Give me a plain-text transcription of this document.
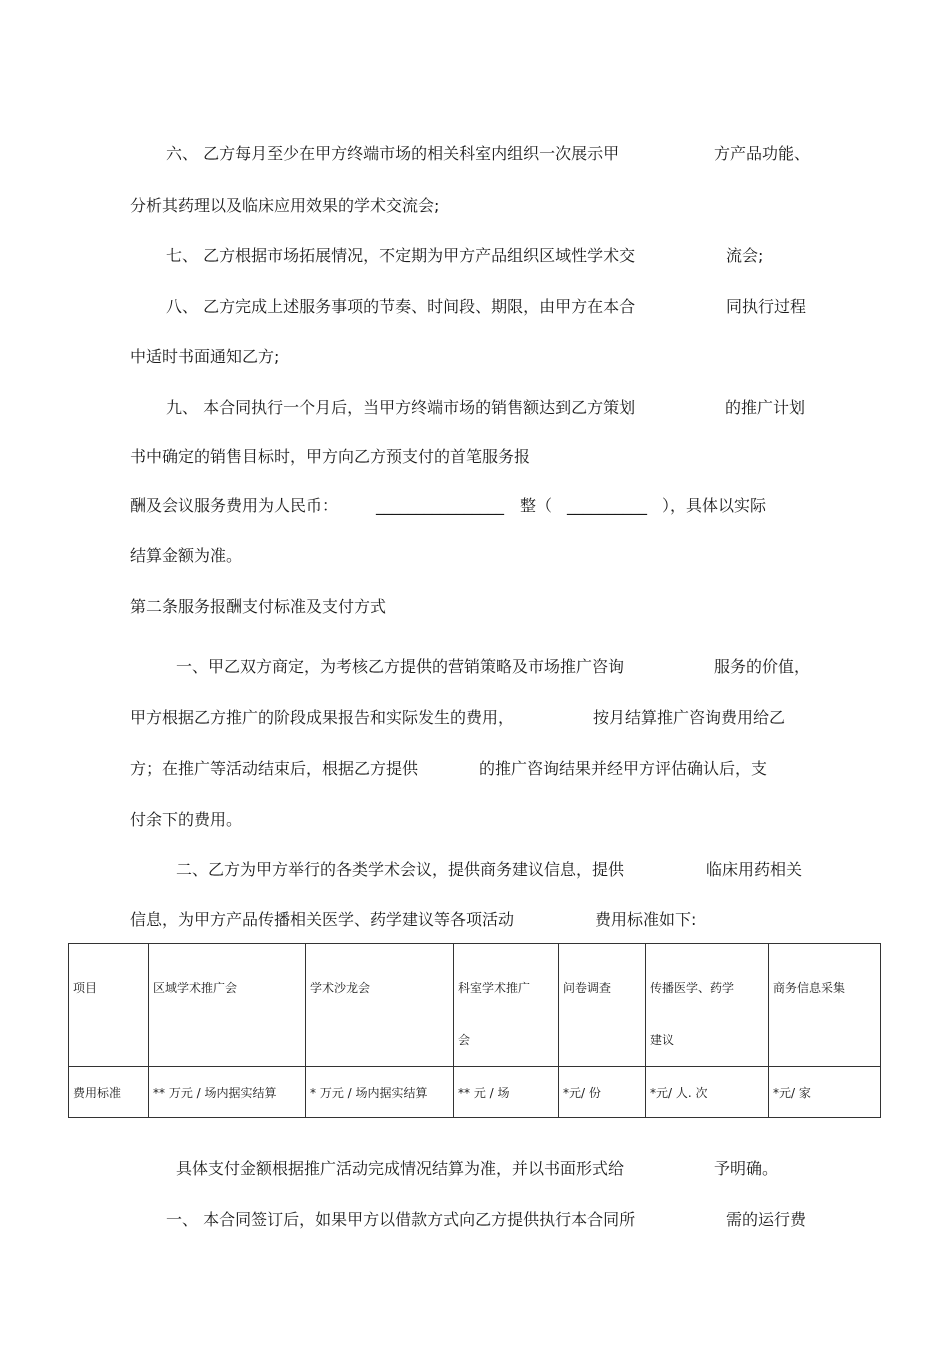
六、 乙方每月至少在甲方终端市场的相关科室内组织一次展示甲	方产品功能、
分析其药理以及临床应用效果的学术交流会;
七、 乙方根据市场拓展情况，不定期为甲方产品组织区域性学术交	流会;
八、 乙方完成上述服务事项的节奏、时间段、期限，由甲方在本合	同执行过程
中适时书面通知乙方;
九、 本合同执行一个月后，当甲方终端市场的销售额达到乙方策划	的推广计划
书中确定的销售目标时，甲方向乙方预支付的首笔服务报
酬及会议服务费用为人民币： ________________ 整（ __________ ），具体以实际
结算金额为准。
第二条服务报酬支付标准及支付方式
一、甲乙双方商定，为考核乙方提供的营销策略及市场推广咨询	服务的价值，
甲方根据乙方推广的阶段成果报告和实际发生的费用，	按月结算推广咨询费用给乙
方；在推广等活动结束后，根据乙方提供	的推广咨询结果并经甲方评估确认后，支
付余下的费用。
二、乙方为甲方举行的各类学术会议，提供商务建议信息，提供	临床用药相关
信息，为甲方产品传播相关医学、药学建议等各项活动	费用标准如下:
项目	区域学术推广会	学术沙龙会	科室学术推广会	问卷调查	传播医学、药学建议	商务信息采集

费用标准	** 万元 / 场内据实结算	* 万元 / 场内据实结算	** 元 / 场	*元/ 份	*元/ 人. 次	*元/ 家
具体支付金额根据推广活动完成情况结算为准，并以书面形式给	予明确。
一、 本合同签订后，如果甲方以借款方式向乙方提供执行本合同所	需的运行费
